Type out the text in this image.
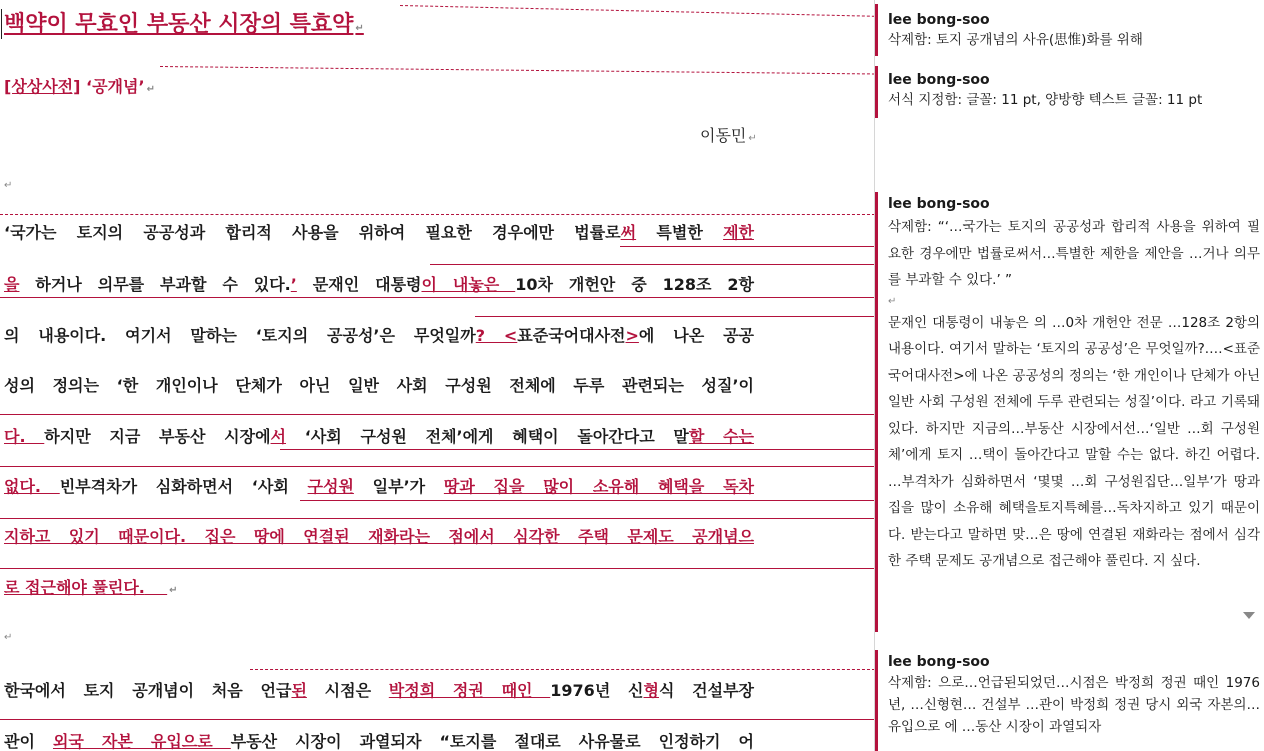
백약이 무효인 부동산 시장의 특효약 ↵
[상상사전] ‘공개념’ ↵
이동민 ↵
↵
‘국가는 토지의 공공성과 합리적 사용을 위하여 필요한 경우에만 법률로써 특별한 제한
을 하거나 의무를 부과할 수 있다.’ 문재인 대통령이 내놓은 10차 개헌안 중 128조 2항
의 내용이다. 여기서 말하는 ‘토지의 공공성’은 무엇일까? <표준국어대사전>에 나온 공공
성의 정의는 ‘한 개인이나 단체가 아닌 일반 사회 구성원 전체에 두루 관련되는 성질’이
다. 하지만 지금 부동산 시장에서 ‘사회 구성원 전체’에게 혜택이 돌아간다고 말할 수는
없다. 빈부격차가 심화하면서 ‘사회 구성원 일부’가 땅과 집을 많이 소유해 혜택을 독차
지하고 있기 때문이다. 집은 땅에 연결된 재화라는 점에서 심각한 주택 문제도 공개념으
로 접근해야 풀린다. ↵
↵
한국에서 토지 공개념이 처음 언급된 시점은 박정희 정권 때인 1976년 신형식 건설부장
관이 외국 자본 유입으로 부동산 시장이 과열되자 “토지를 절대로 사유물로 인정하기 어
lee bong-soo
삭제함: 토지 공개념의 사유(思惟)화를 위해
lee bong-soo
서식 지정함: 글꼴: 11 pt, 양방향 텍스트 글꼴: 11 pt
lee bong-soo
삭제함: “‘…국가는 토지의 공공성과 합리적 사용을 위하여 필요한 경우에만 법률로써서…특별한 제한을 제안을 …거나 의무를 부과할 수 있다.’ ”
↵
문재인 대통령이 내놓은 의 …0차 개헌안 전문 …128조 2항의 내용이다. 여기서 말하는 ‘토지의 공공성’은 무엇일까?.…<표준국어대사전>에 나온 공공성의 정의는 ‘한 개인이나 단체가 아닌 일반 사회 구성원 전체에 두루 관련되는 성질’이다. 라고 기록돼 있다. 하지만 지금의…부동산 시장에서선…‘일반 …회 구성원체’에게 토지 …택이 돌아간다고 말할 수는 없다. 하긴 어렵다. …부격차가 심화하면서 ‘몇몇 …회 구성원집단…일부’가 땅과 집을 많이 소유해 혜택을토지특혜를…독차지하고 있기 때문이다. 받는다고 말하면 맞…은 땅에 연결된 재화라는 점에서 심각한 주택 문제도 공개념으로 접근해야 풀린다. 지 싶다.
lee bong-soo
삭제함: 으로…언급된되었던…시점은 박정희 정권 때인 1976년, …신형현… 건설부 …관이 박정희 정권 당시 외국 자본의…유입으로 에 …동산 시장이 과열되자
